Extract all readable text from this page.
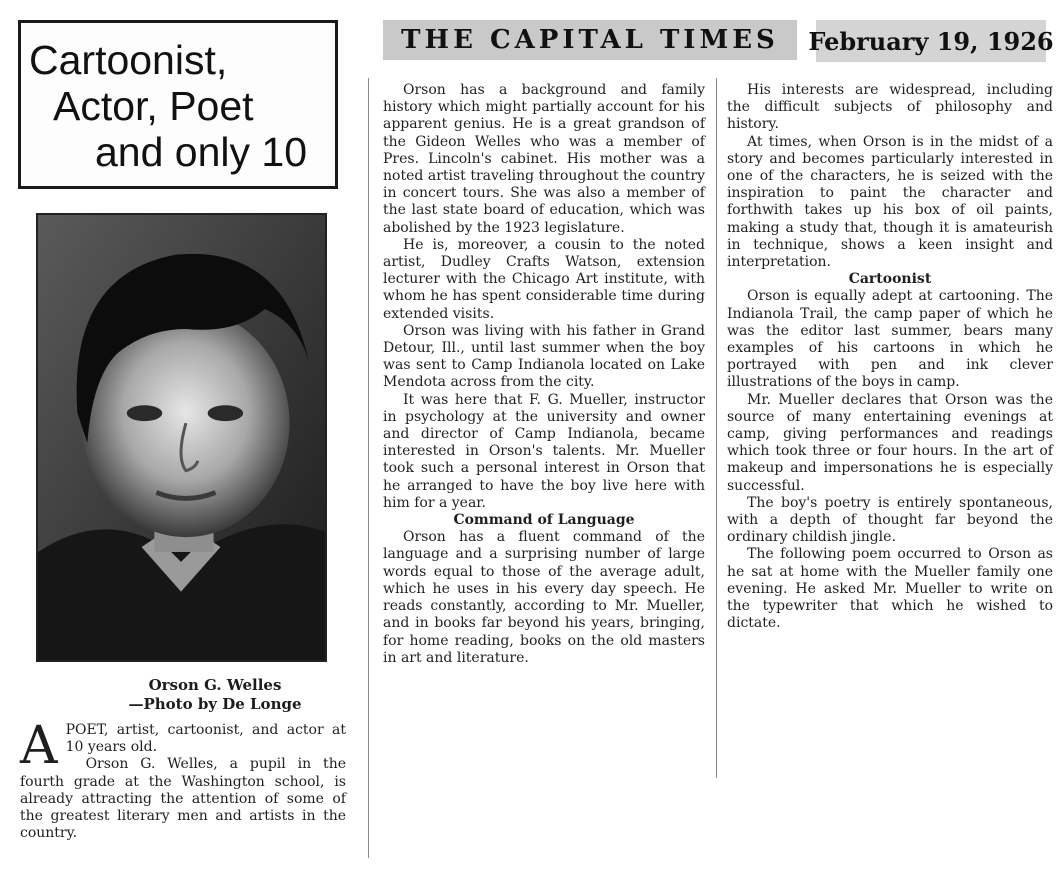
Cartoonist,
Actor, Poet
and only 10
THE CAPITAL TIMES	February 19, 1926
Orson G. Welles
—Photo by De Longe
A POET, artist, cartoonist, and actor at 10 years old.

Orson G. Welles, a pupil in the fourth grade at the Washington school, is already attracting the attention of some of the greatest literary men and artists in the country.

Orson has a background and family history which might partially account for his apparent genius. He is a great grandson of the Gideon Welles who was a member of Pres. Lincoln's cabinet. His mother was a noted artist traveling throughout the country in concert tours. She was also a member of the last state board of education, which was abolished by the 1923 legislature.

He is, moreover, a cousin to the noted artist, Dudley Crafts Watson, extension lecturer with the Chicago Art institute, with whom he has spent considerable time during extended visits.

Orson was living with his father in Grand Detour, Ill., until last summer when the boy was sent to Camp Indianola located on Lake Mendota across from the city.

It was here that F. G. Mueller, instructor in psychology at the university and owner and director of Camp Indianola, became interested in Orson's talents. Mr. Mueller took such a personal interest in Orson that he arranged to have the boy live here with him for a year.

Command of Language

Orson has a fluent command of the language and a surprising number of large words equal to those of the average adult, which he uses in his every day speech. He reads constantly, according to Mr. Mueller, and in books far beyond his years, bringing, for home reading, books on the old masters in art and literature.

His interests are widespread, including the difficult subjects of philosophy and history.

At times, when Orson is in the midst of a story and becomes particularly interested in one of the characters, he is seized with the inspiration to paint the character and forthwith takes up his box of oil paints, making a study that, though it is amateurish in technique, shows a keen insight and interpretation.

Cartoonist

Orson is equally adept at cartooning. The Indianola Trail, the camp paper of which he was the editor last summer, bears many examples of his cartoons in which he portrayed with pen and ink clever illustrations of the boys in camp.

Mr. Mueller declares that Orson was the source of many entertaining evenings at camp, giving performances and readings which took three or four hours. In the art of makeup and impersonations he is especially successful.

The boy's poetry is entirely spontaneous, with a depth of thought far beyond the ordinary childish jingle.

The following poem occurred to Orson as he sat at home with the Mueller family one evening. He asked Mr. Mueller to write on the typewriter that which he wished to dictate.
